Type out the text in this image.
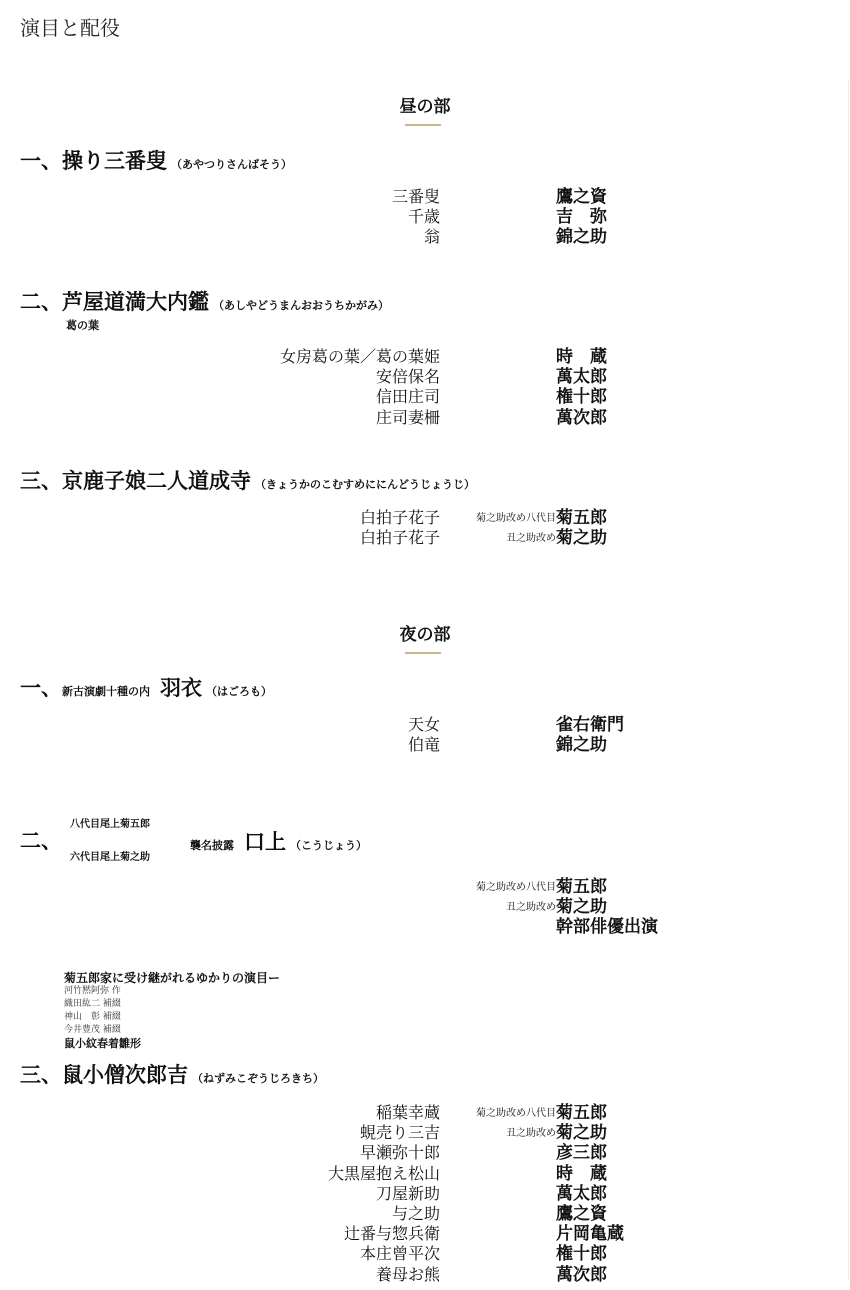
演目と配役
昼の部
一、操り三番叟 （あやつりさんばそう）
三番叟	鷹之資
千歳	吉　弥
翁	錦之助
二、芦屋道満大内鑑 （あしやどうまんおおうちかがみ）
葛の葉
女房葛の葉／葛の葉姫	時　蔵
安倍保名	萬太郎
信田庄司	権十郎
庄司妻柵	萬次郎
三、京鹿子娘二人道成寺 （きょうかのこむすめににんどうじょうじ）
白拍子花子	菊之助改め八代目 菊五郎
白拍子花子	丑之助改め 菊之助
夜の部
一、新古演劇十種の内 羽衣 （はごろも）
天女	雀右衛門
伯竜	錦之助
二、
八代目尾上菊五郎
六代目尾上菊之助
襲名披露 口上 （こうじょう）
菊之助改め八代目 菊五郎
丑之助改め 菊之助
幹部俳優出演
菊五郎家に受け継がれるゆかりの演目ー
河竹黙阿弥 作
織田紘二 補綴
神山　彰 補綴
今井豊茂 補綴
鼠小紋春着雛形
三、鼠小僧次郎吉 （ねずみこぞうじろきち）
稲葉幸蔵	菊之助改め八代目 菊五郎
蜆売り三吉	丑之助改め 菊之助
早瀬弥十郎	彦三郎
大黒屋抱え松山	時　蔵
刀屋新助	萬太郎
与之助	鷹之資
辻番与惣兵衛	片岡亀蔵
本庄曾平次	権十郎
養母お熊	萬次郎
